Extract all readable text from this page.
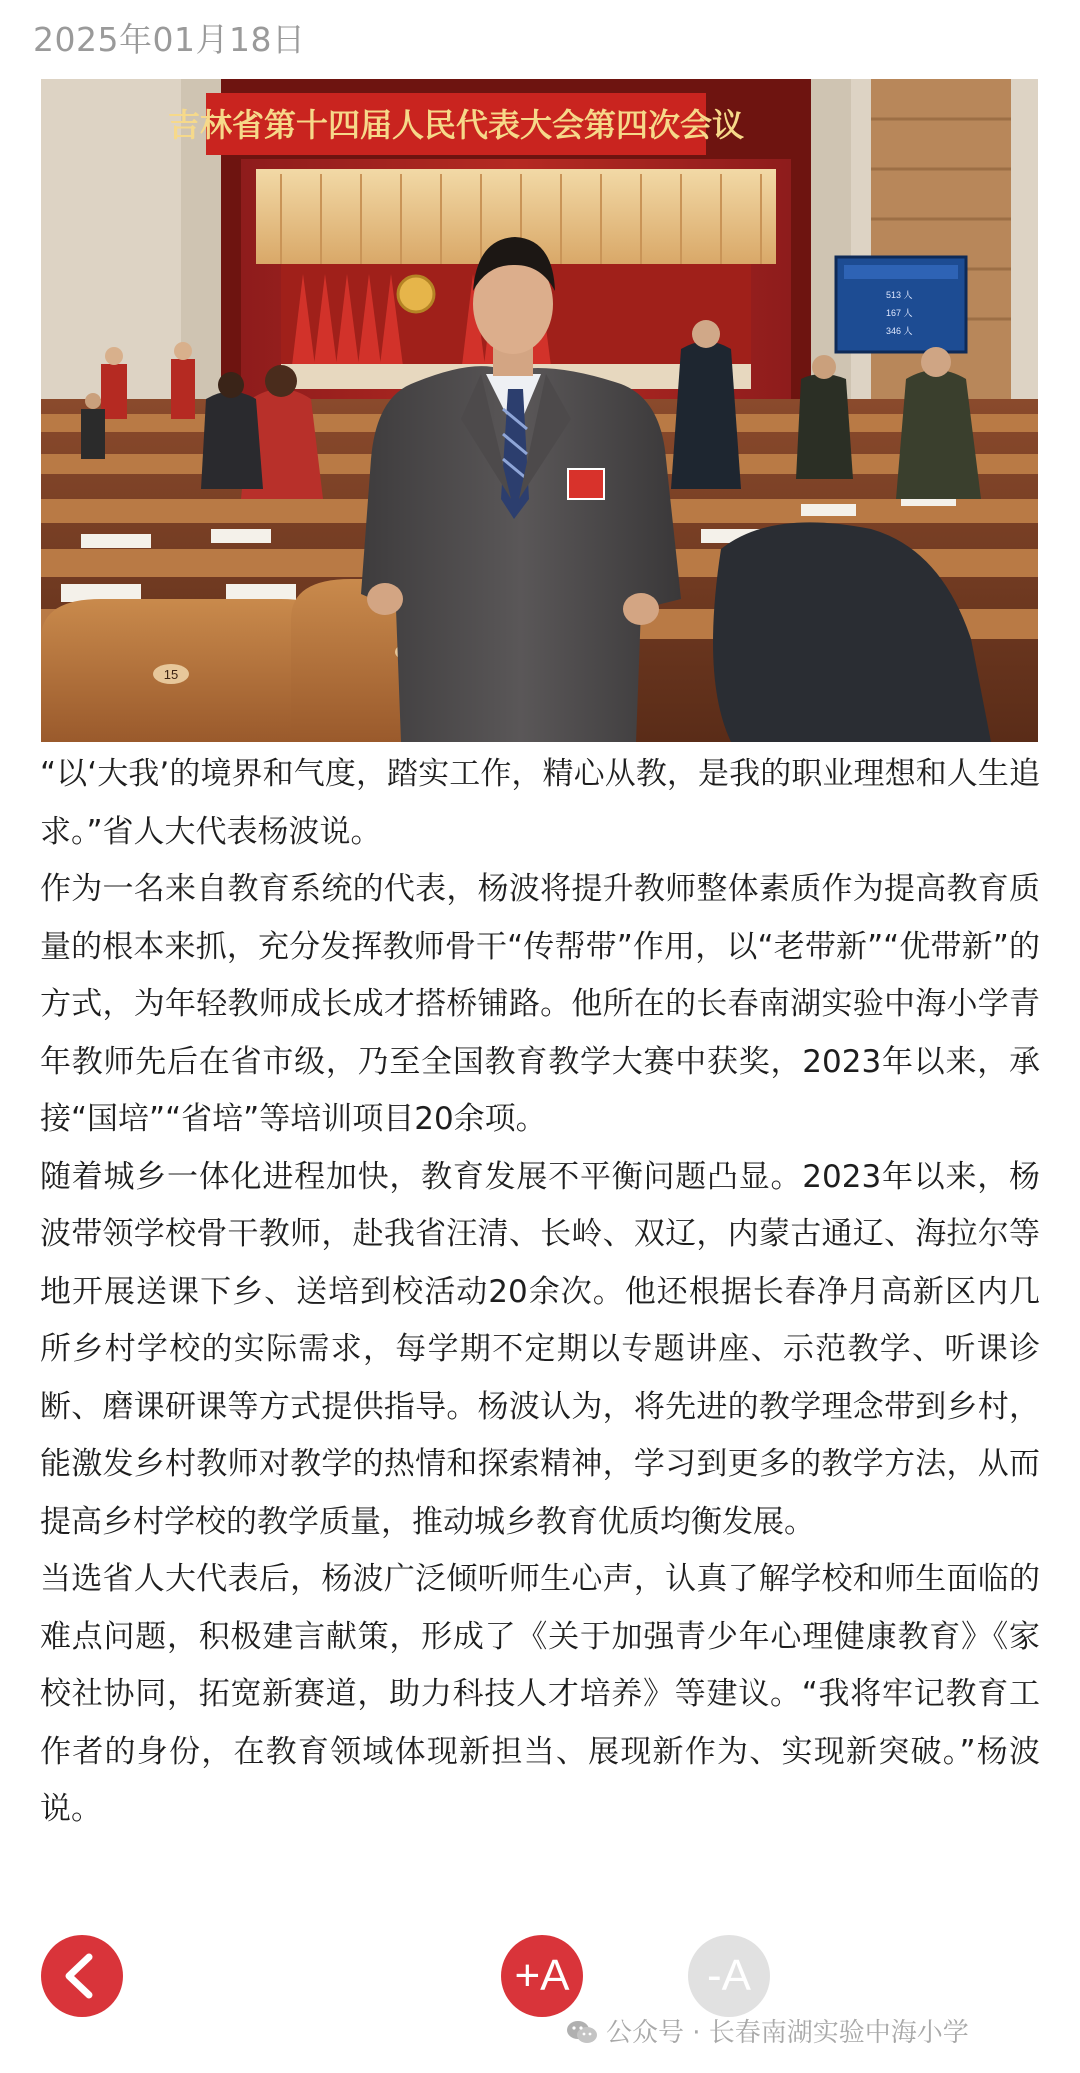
2025年01月18日
吉林省第十四届人民代表大会第四次会议
513 人
167 人
346 人
15

“以‘大我’的境界和气度，踏实工作，精心从教，是我的职业理想和人生追求。”省人大代表杨波说。

作为一名来自教育系统的代表，杨波将提升教师整体素质作为提高教育质量的根本来抓，充分发挥教师骨干“传帮带”作用，以“老带新”“优带新”的方式，为年轻教师成长成才搭桥铺路。他所在的长春南湖实验中海小学青年教师先后在省市级，乃至全国教育教学大赛中获奖，2023年以来，承接“国培”“省培”等培训项目20余项。

随着城乡一体化进程加快，教育发展不平衡问题凸显。2023年以来，杨波带领学校骨干教师，赴我省汪清、长岭、双辽，内蒙古通辽、海拉尔等地开展送课下乡、送培到校活动20余次。他还根据长春净月高新区内几所乡村学校的实际需求，每学期不定期以专题讲座、示范教学、听课诊断、磨课研课等方式提供指导。杨波认为，将先进的教学理念带到乡村，能激发乡村教师对教学的热情和探索精神，学习到更多的教学方法，从而提高乡村学校的教学质量，推动城乡教育优质均衡发展。

当选省人大代表后，杨波广泛倾听师生心声，认真了解学校和师生面临的难点问题，积极建言献策，形成了《关于加强青少年心理健康教育》《家校社协同，拓宽新赛道，助力科技人才培养》等建议。“我将牢记教育工作者的身份，在教育领域体现新担当、展现新作为、实现新突破。”杨波说。

+A	-A
公众号 · 长春南湖实验中海小学
